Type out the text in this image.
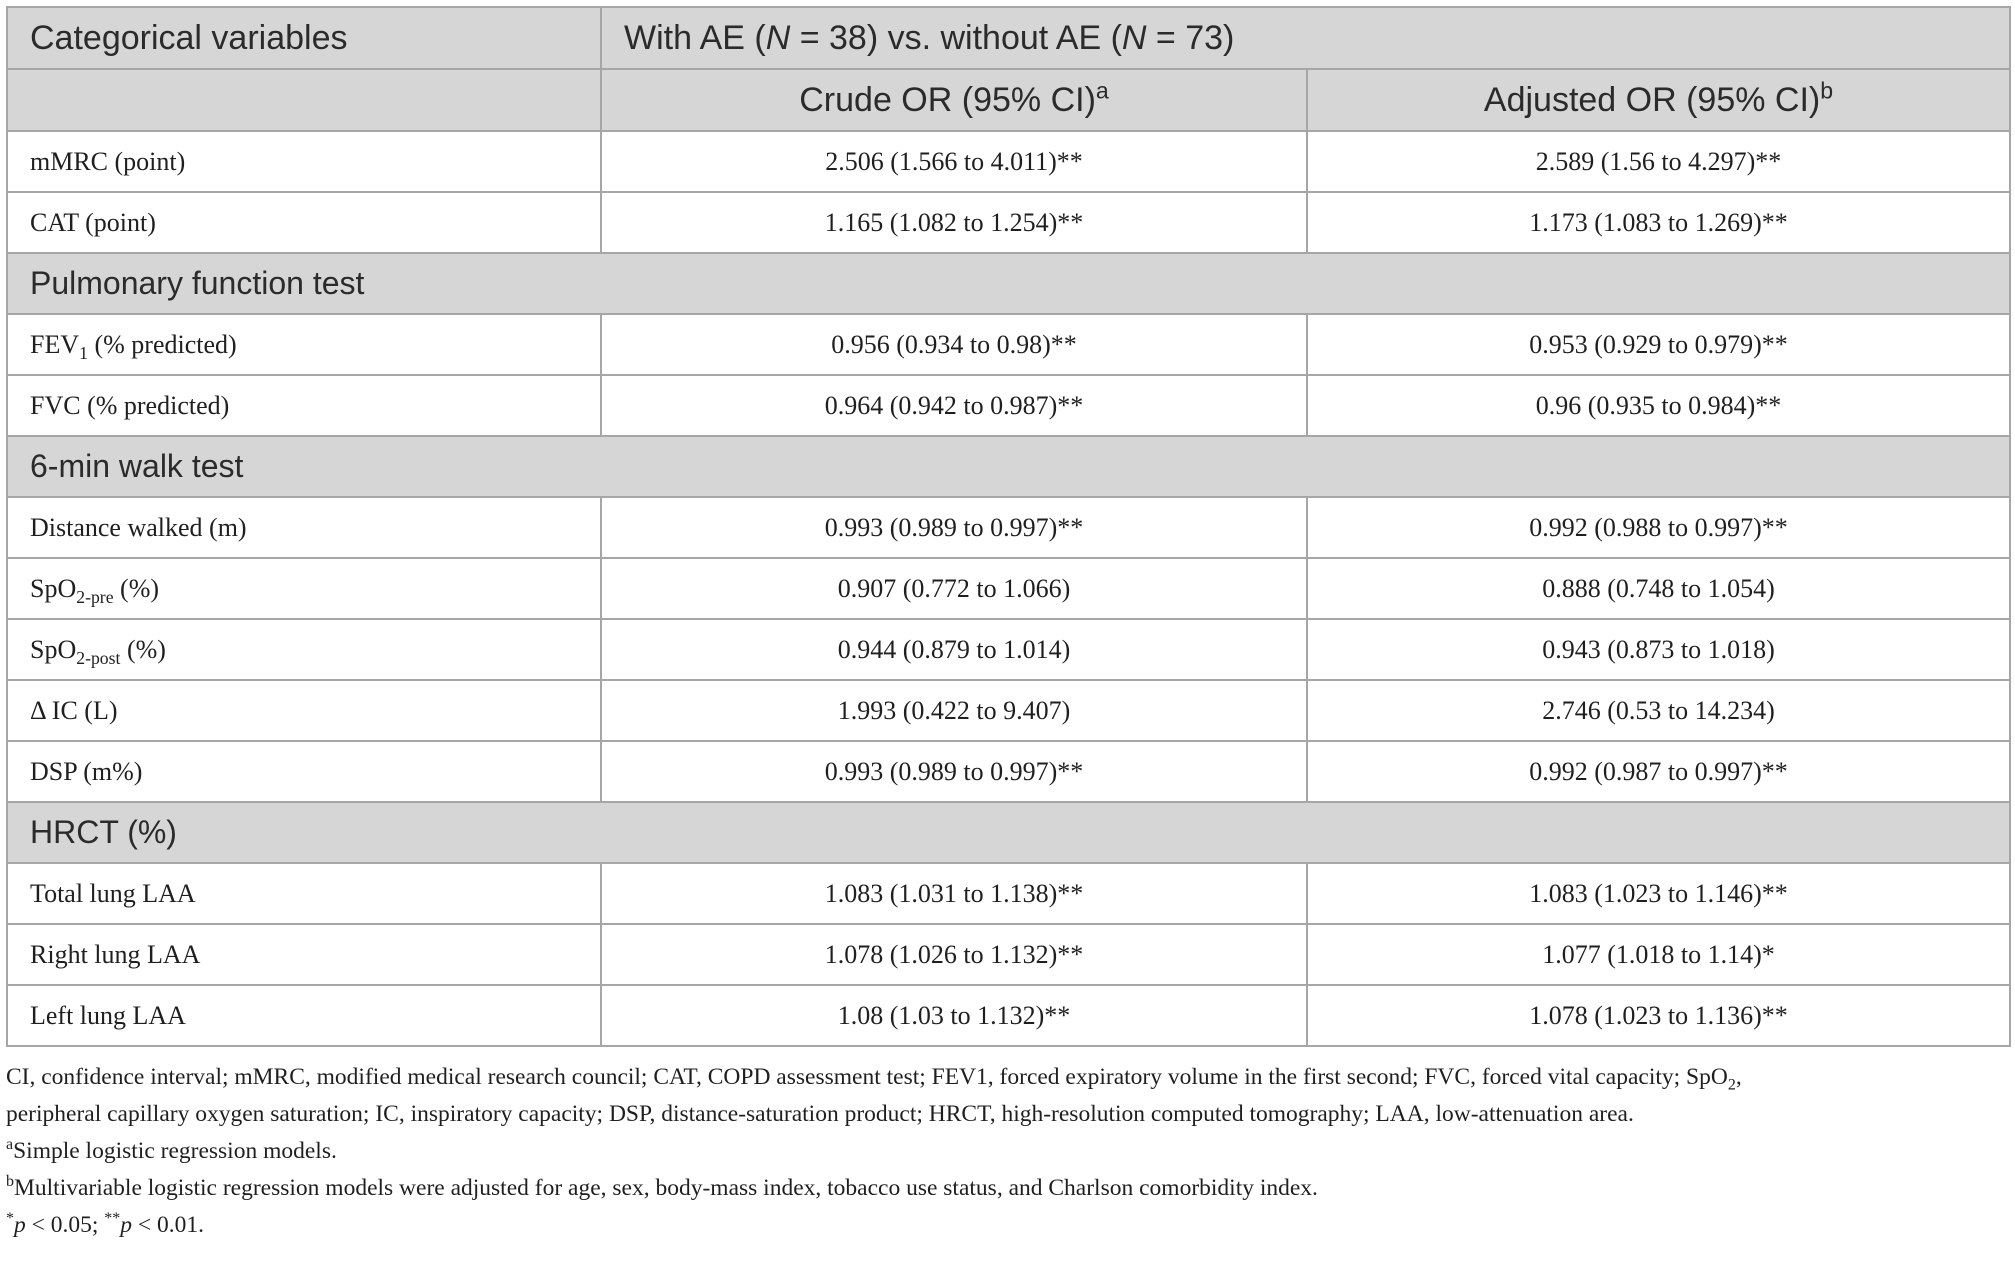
Categorical variables	With AE (N = 38) vs. without AE (N = 73)	
	Crude OR (95% CI)$^a$	Adjusted OR (95% CI)$^b$
mMRC (point)	2.506 (1.566 to 4.011)**	2.589 (1.56 to 4.297)**
CAT (point)	1.165 (1.082 to 1.254)**	1.173 (1.083 to 1.269)**
Pulmonary function test		
$FEV_1$ (% predicted)	0.956 (0.934 to 0.98)**	0.953 (0.929 to 0.979)**
FVC (% predicted)	0.964 (0.942 to 0.987)**	0.96 (0.935 to 0.984)**
6-min walk test		
Distance walked (m)	0.993 (0.989 to 0.997)**	0.992 (0.988 to 0.997)**
SpO$_{2-pre}$ (%)	0.907 (0.772 to 1.066)	0.888 (0.748 to 1.054)
SpO$_{2-post}$ (%)	0.944 (0.879 to 1.014)	0.943 (0.873 to 1.018)
Δ IC (L)	1.993 (0.422 to 9.407)	2.746 (0.53 to 14.234)
DSP (m%)	0.993 (0.989 to 0.997)**	0.992 (0.987 to 0.997)**
HRCT (%)		
Total lung LAA	1.083 (1.031 to 1.138)**	1.083 (1.023 to 1.146)**
Right lung LAA	1.078 (1.026 to 1.132)**	1.077 (1.018 to 1.14)*
Left lung LAA	1.08 (1.03 to 1.132)**	1.078 (1.023 to 1.136)**

CI, confidence interval; mMRC, modified medical research council; CAT, COPD assessment test; FEV1, forced expiratory volume in the first second; FVC, forced vital capacity; SpO$_2$,

peripheral capillary oxygen saturation; IC, inspiratory capacity; DSP, distance-saturation product; HRCT, high-resolution computed tomography; LAA, low-attenuation area.

$^a$Simple logistic regression models.

$^b$Multivariable logistic regression models were adjusted for age, sex, body-mass index, tobacco use status, and Charlson comorbidity index.

*p < 0.05; **p < 0.01.
